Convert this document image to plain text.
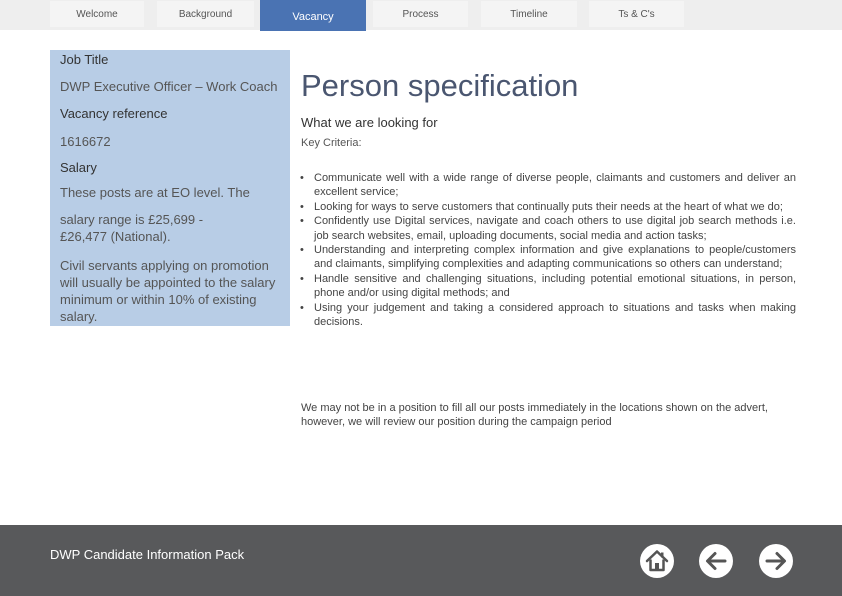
Welcome	Background	Vacancy	Process	Timeline	Ts & C's

Job Title

DWP Executive Officer – Work Coach

Vacancy reference

1616672

Salary

These posts are at EO level. The

salary range is £25,699 - £26,477 (National).

Civil servants applying on promotion will usually be appointed to the salary minimum or within 10% of existing salary.

Person specification
What we are looking for

Key Criteria:

• Communicate well with a wide range of diverse people, claimants and customers and deliver an excellent service;
• Looking for ways to serve customers that continually puts their needs at the heart of what we do;
• Confidently use Digital services, navigate and coach others to use digital job search methods i.e. job search websites, email, uploading documents, social media and action tasks;
• Understanding and interpreting complex information and give explanations to people/customers and claimants, simplifying complexities and adapting communications so others can understand;
• Handle sensitive and challenging situations, including potential emotional situations, in person, phone and/or using digital methods; and
• Using your judgement and taking a considered approach to situations and tasks when making decisions.

We may not be in a position to fill all our posts immediately in the locations shown on the advert, however, we will review our position during the campaign period

DWP Candidate Information Pack
